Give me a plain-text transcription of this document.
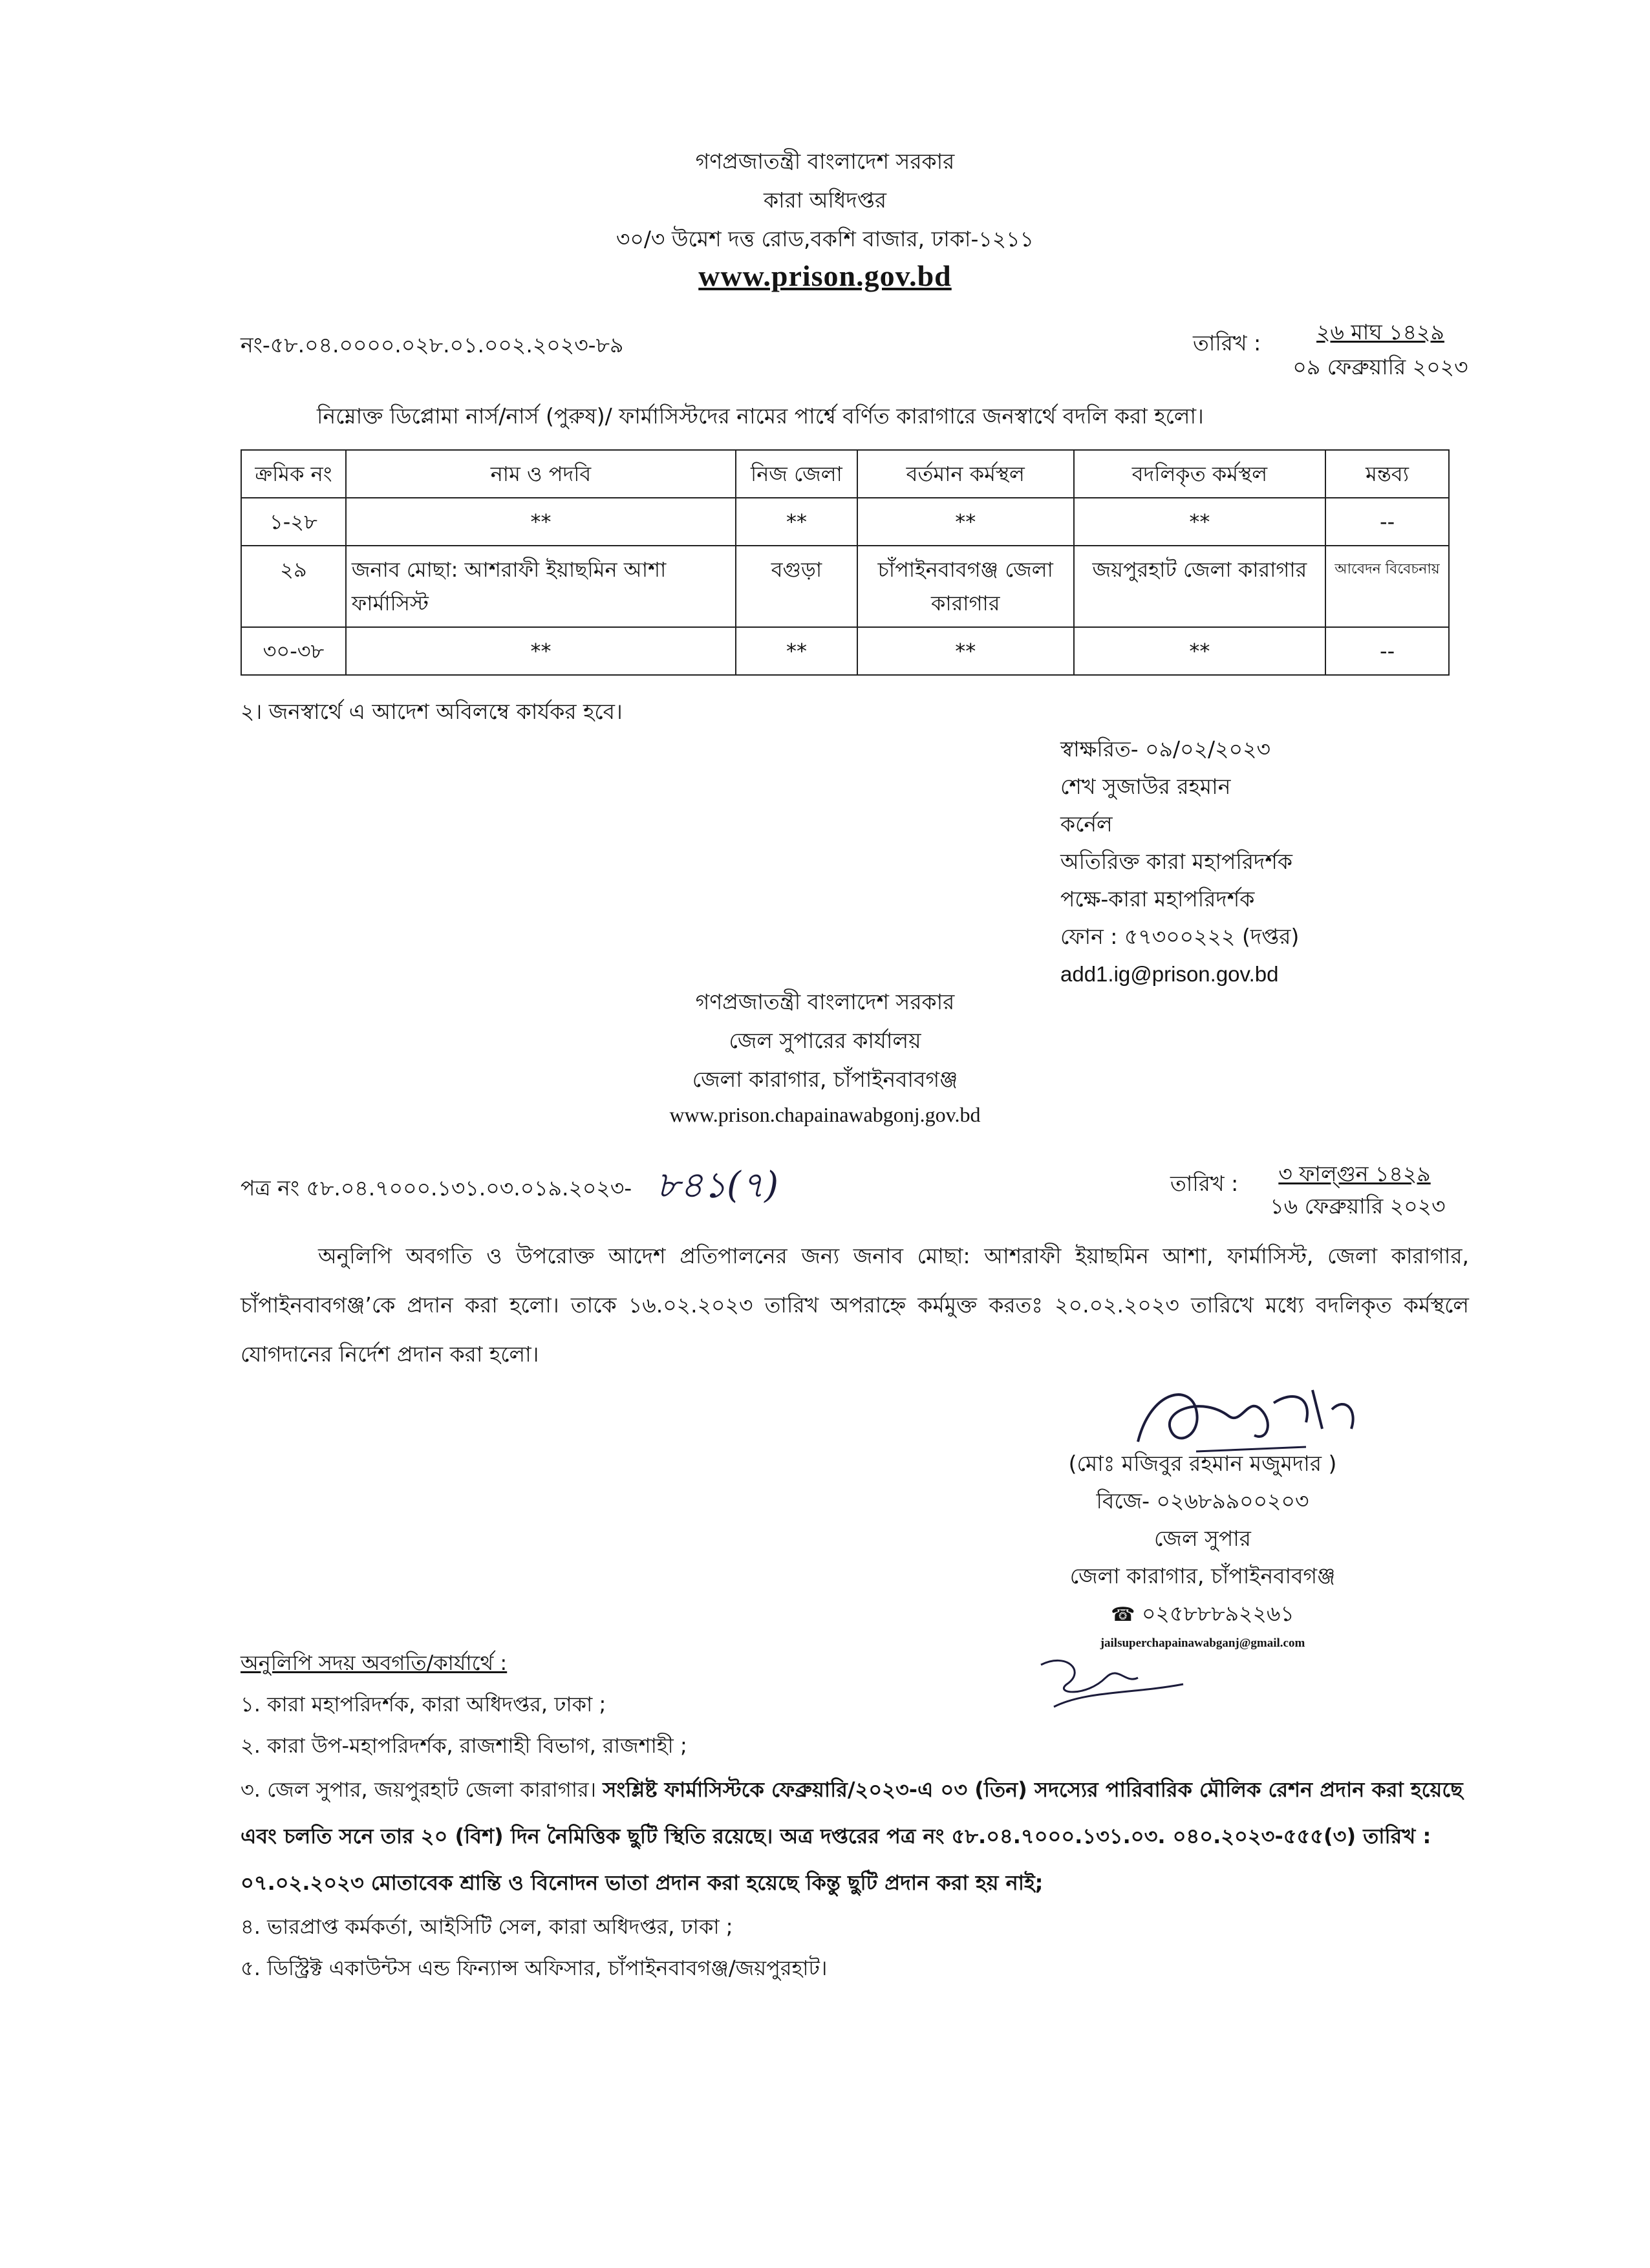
গণপ্রজাতন্ত্রী বাংলাদেশ সরকার
কারা অধিদপ্তর
৩০/৩ উমেশ দত্ত রোড,বকশি বাজার, ঢাকা-১২১১
www.prison.gov.bd
নং-৫৮.০৪.০০০০.০২৮.০১.০০২.২০২৩-৮৯	তারিখ :	২৬ মাঘ ১৪২৯
০৯ ফেব্রুয়ারি ২০২৩
নিম্নোক্ত ডিপ্লোমা নার্স/নার্স (পুরুষ)/ ফার্মাসিস্টদের নামের পার্শ্বে বর্ণিত কারাগারে জনস্বার্থে বদলি করা হলো।
ক্রমিক নং	নাম ও পদবি	নিজ জেলা	বর্তমান কর্মস্থল	বদলিকৃত কর্মস্থল	মন্তব্য
১-২৮	**	**	**	**	--
২৯	জনাব মোছা: আশরাফী ইয়াছমিন আশা ফার্মাসিস্ট	বগুড়া	চাঁপাইনবাবগঞ্জ জেলা কারাগার	জয়পুরহাট জেলা কারাগার	আবেদন বিবেচনায়
৩০-৩৮	**	**	**	**	--
২। জনস্বার্থে এ আদেশ অবিলম্বে কার্যকর হবে।
স্বাক্ষরিত- ০৯/০২/২০২৩
শেখ সুজাউর রহমান
কর্নেল
অতিরিক্ত কারা মহাপরিদর্শক
পক্ষে-কারা মহাপরিদর্শক
ফোন : ৫৭৩০০২২২ (দপ্তর)
add1.ig@prison.gov.bd
গণপ্রজাতন্ত্রী বাংলাদেশ সরকার
জেল সুপারের কার্যালয়
জেলা কারাগার, চাঁপাইনবাবগঞ্জ
www.prison.chapainawabgonj.gov.bd
পত্র নং ৫৮.০৪.৭০০০.১৩১.০৩.০১৯.২০২৩- ৮৪১(৭)	তারিখ :	৩ ফাল্গুন ১৪২৯
১৬ ফেব্রুয়ারি ২০২৩
অনুলিপি অবগতি ও উপরোক্ত আদেশ প্রতিপালনের জন্য জনাব মোছা: আশরাফী ইয়াছমিন আশা, ফার্মাসিস্ট, জেলা কারাগার, চাঁপাইনবাবগঞ্জ’কে প্রদান করা হলো। তাকে ১৬.০২.২০২৩ তারিখ অপরাহ্নে কর্মমুক্ত করতঃ ২০.০২.২০২৩ তারিখে মধ্যে বদলিকৃত কর্মস্থলে যোগদানের নির্দেশ প্রদান করা হলো।
(মোঃ মজিবুর রহমান মজুমদার )
বিজে- ০২৬৮৯৯০০২০৩
জেল সুপার
জেলা কারাগার, চাঁপাইনবাবগঞ্জ
☎ ০২৫৮৮৮৯২২৬১
jailsuperchapainawabganj@gmail.com
অনুলিপি সদয় অবগতি/কার্যার্থে :
১. কারা মহাপরিদর্শক, কারা অধিদপ্তর, ঢাকা ;
২. কারা উপ-মহাপরিদর্শক, রাজশাহী বিভাগ, রাজশাহী ;
৩. জেল সুপার, জয়পুরহাট জেলা কারাগার। সংশ্লিষ্ট ফার্মাসিস্টকে ফেব্রুয়ারি/২০২৩-এ ০৩ (তিন) সদস্যের পারিবারিক মৌলিক রেশন প্রদান করা হয়েছে এবং চলতি সনে তার ২০ (বিশ) দিন নৈমিত্তিক ছুটি স্থিতি রয়েছে। অত্র দপ্তরের পত্র নং ৫৮.০৪.৭০০০.১৩১.০৩. ০৪০.২০২৩-৫৫৫(৩) তারিখ : ০৭.০২.২০২৩ মোতাবেক শ্রান্তি ও বিনোদন ভাতা প্রদান করা হয়েছে কিন্তু ছুটি প্রদান করা হয় নাই;
৪. ভারপ্রাপ্ত কর্মকর্তা, আইসিটি সেল, কারা অধিদপ্তর, ঢাকা ;
৫. ডিস্ট্রিক্ট একাউন্টস এন্ড ফিন্যান্স অফিসার, চাঁপাইনবাবগঞ্জ/জয়পুরহাট।
